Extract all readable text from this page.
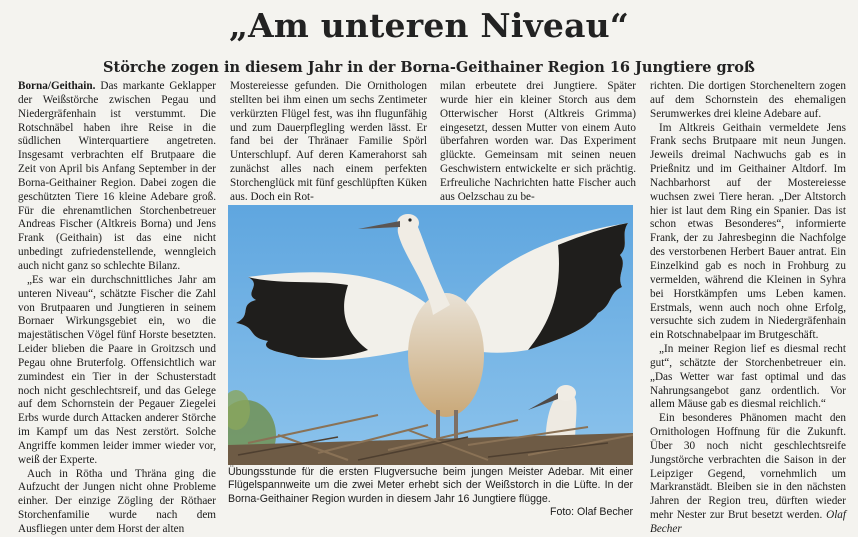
„Am unteren Niveau“
Störche zogen in diesem Jahr in der Borna-Geithainer Region 16 Jungtiere groß

Borna/Geithain. Das markante Geklapper der Weißstörche zwischen Pegau und Niedergräfenhain ist verstummt. Die Rotschnäbel haben ihre Reise in die südlichen Winterquartiere angetreten. Insgesamt verbrachten elf Brutpaare die Zeit von April bis Anfang September in der Borna-Geithainer Region. Dabei zogen die geschützten Tiere 16 kleine Adebare groß. Für die ehrenamtlichen Storchenbetreuer Andreas Fischer (Altkreis Borna) und Jens Frank (Geithain) ist das eine nicht unbedingt zufriedenstellende, wenngleich auch nicht ganz so schlechte Bilanz.

„Es war ein durchschnittliches Jahr am unteren Niveau“, schätzte Fischer die Zahl von Brutpaaren und Jungtieren in seinem Bornaer Wirkungsgebiet ein, wo die majestätischen Vögel fünf Horste besetzten. Leider blieben die Paare in Groitzsch und Pegau ohne Bruterfolg. Offensichtlich war zumindest ein Tier in der Schusterstadt noch nicht geschlechtsreif, und das Gelege auf dem Schornstein der Pegauer Ziegelei Erbs wurde durch Attacken anderer Störche im Kampf um das Nest zerstört. Solche Angriffe kommen leider immer wieder vor, weiß der Experte.

Auch in Rötha und Thräna ging die Aufzucht der Jungen nicht ohne Probleme einher. Der einzige Zögling der Röthaer Storchenfamilie wurde nach dem Ausfliegen unter dem Horst der alten

Mostereiesse gefunden. Die Ornithologen stellten bei ihm einen um sechs Zentimeter verkürzten Flügel fest, was ihn flugunfähig und zum Dauerpflegling werden lässt. Er fand bei der Thränaer Familie Spörl Unterschlupf. Auf deren Kamerahorst sah zunächst alles nach einem perfekten Storchenglück mit fünf geschlüpften Küken aus. Doch ein Rot-

milan erbeutete drei Jungtiere. Später wurde hier ein kleiner Storch aus dem Otterwischer Horst (Altkreis Grimma) eingesetzt, dessen Mutter von einem Auto überfahren worden war. Das Experiment glückte. Gemeinsam mit seinen neuen Geschwistern entwickelte er sich prächtig. Erfreuliche Nachrichten hatte Fischer auch aus Oelzschau zu be-

richten. Die dortigen Storcheneltern zogen auf dem Schornstein des ehemaligen Serumwerkes drei kleine Adebare auf.

Im Altkreis Geithain vermeldete Jens Frank sechs Brutpaare mit neun Jungen. Jeweils dreimal Nachwuchs gab es in Prießnitz und im Geithainer Altdorf. Im Nachbarhorst auf der Mostereiesse wuchsen zwei Tiere heran. „Der Altstorch hier ist laut dem Ring ein Spanier. Das ist schon etwas Besonderes“, informierte Frank, der zu Jahresbeginn die Nachfolge des verstorbenen Herbert Bauer antrat. Ein Einzelkind gab es noch in Frohburg zu vermelden, während die Kleinen in Syhra bei Horstkämpfen ums Leben kamen. Erstmals, wenn auch noch ohne Erfolg, versuchte sich zudem in Niedergräfenhain ein Rotschnabelpaar im Brutgeschäft.

„In meiner Region lief es diesmal recht gut“, schätzte der Storchenbetreuer ein. „Das Wetter war fast optimal und das Nahrungsangebot ganz ordentlich. Vor allem Mäuse gab es diesmal reichlich.“

Ein besonderes Phänomen macht den Ornithologen Hoffnung für die Zukunft. Über 30 noch nicht geschlechtsreife Jungstörche verbrachten die Saison in der Leipziger Gegend, vornehmlich um Markranstädt. Bleiben sie in den nächsten Jahren der Region treu, dürften wieder mehr Nester zur Brut besetzt werden. Olaf Becher

Übungsstunde für die ersten Flugversuche beim jungen Meister Adebar. Mit einer Flügelspannweite um die zwei Meter erhebt sich der Weißstorch in die Lüfte. In der Borna-Geithainer Region wurden in diesem Jahr 16 Jungtiere flügge.
Foto: Olaf Becher
